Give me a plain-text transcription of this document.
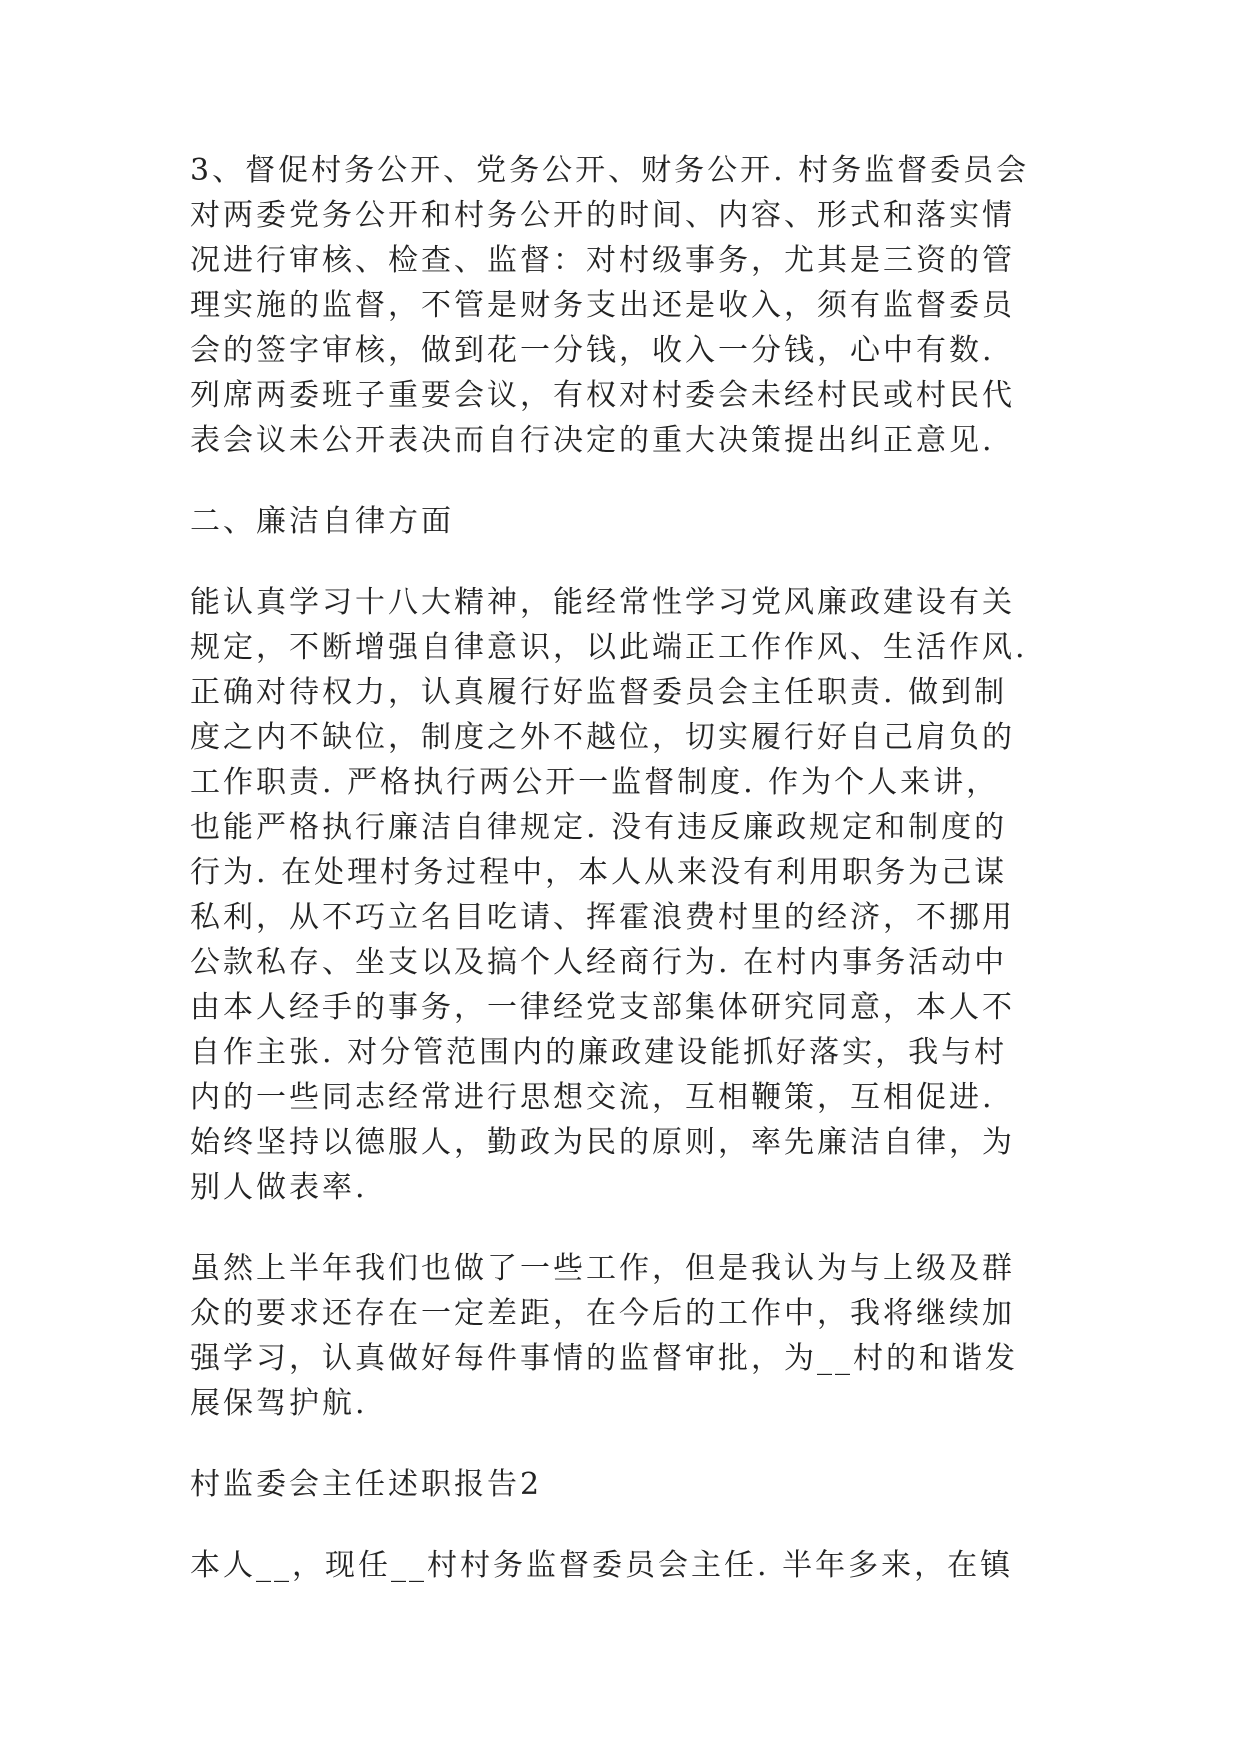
3、督促村务公开、党务公开、财务公开. 村务监督委员会
对两委党务公开和村务公开的时间、内容、形式和落实情
况进行审核、检查、监督：对村级事务，尤其是三资的管
理实施的监督，不管是财务支出还是收入，须有监督委员
会的签字审核，做到花一分钱，收入一分钱，心中有数.
列席两委班子重要会议，有权对村委会未经村民或村民代
表会议未公开表决而自行决定的重大决策提出纠正意见.
二、廉洁自律方面
能认真学习十八大精神，能经常性学习党风廉政建设有关
规定，不断增强自律意识，以此端正工作作风、生活作风.
正确对待权力，认真履行好监督委员会主任职责. 做到制
度之内不缺位，制度之外不越位，切实履行好自己肩负的
工作职责. 严格执行两公开一监督制度. 作为个人来讲，
也能严格执行廉洁自律规定. 没有违反廉政规定和制度的
行为. 在处理村务过程中，本人从来没有利用职务为己谋
私利，从不巧立名目吃请、挥霍浪费村里的经济，不挪用
公款私存、坐支以及搞个人经商行为. 在村内事务活动中
由本人经手的事务，一律经党支部集体研究同意，本人不
自作主张. 对分管范围内的廉政建设能抓好落实，我与村
内的一些同志经常进行思想交流，互相鞭策，互相促进.
始终坚持以德服人，勤政为民的原则，率先廉洁自律，为
别人做表率.
虽然上半年我们也做了一些工作，但是我认为与上级及群
众的要求还存在一定差距，在今后的工作中，我将继续加
强学习，认真做好每件事情的监督审批，为__村的和谐发
展保驾护航.
村监委会主任述职报告2
本人__，现任__村村务监督委员会主任. 半年多来，在镇
